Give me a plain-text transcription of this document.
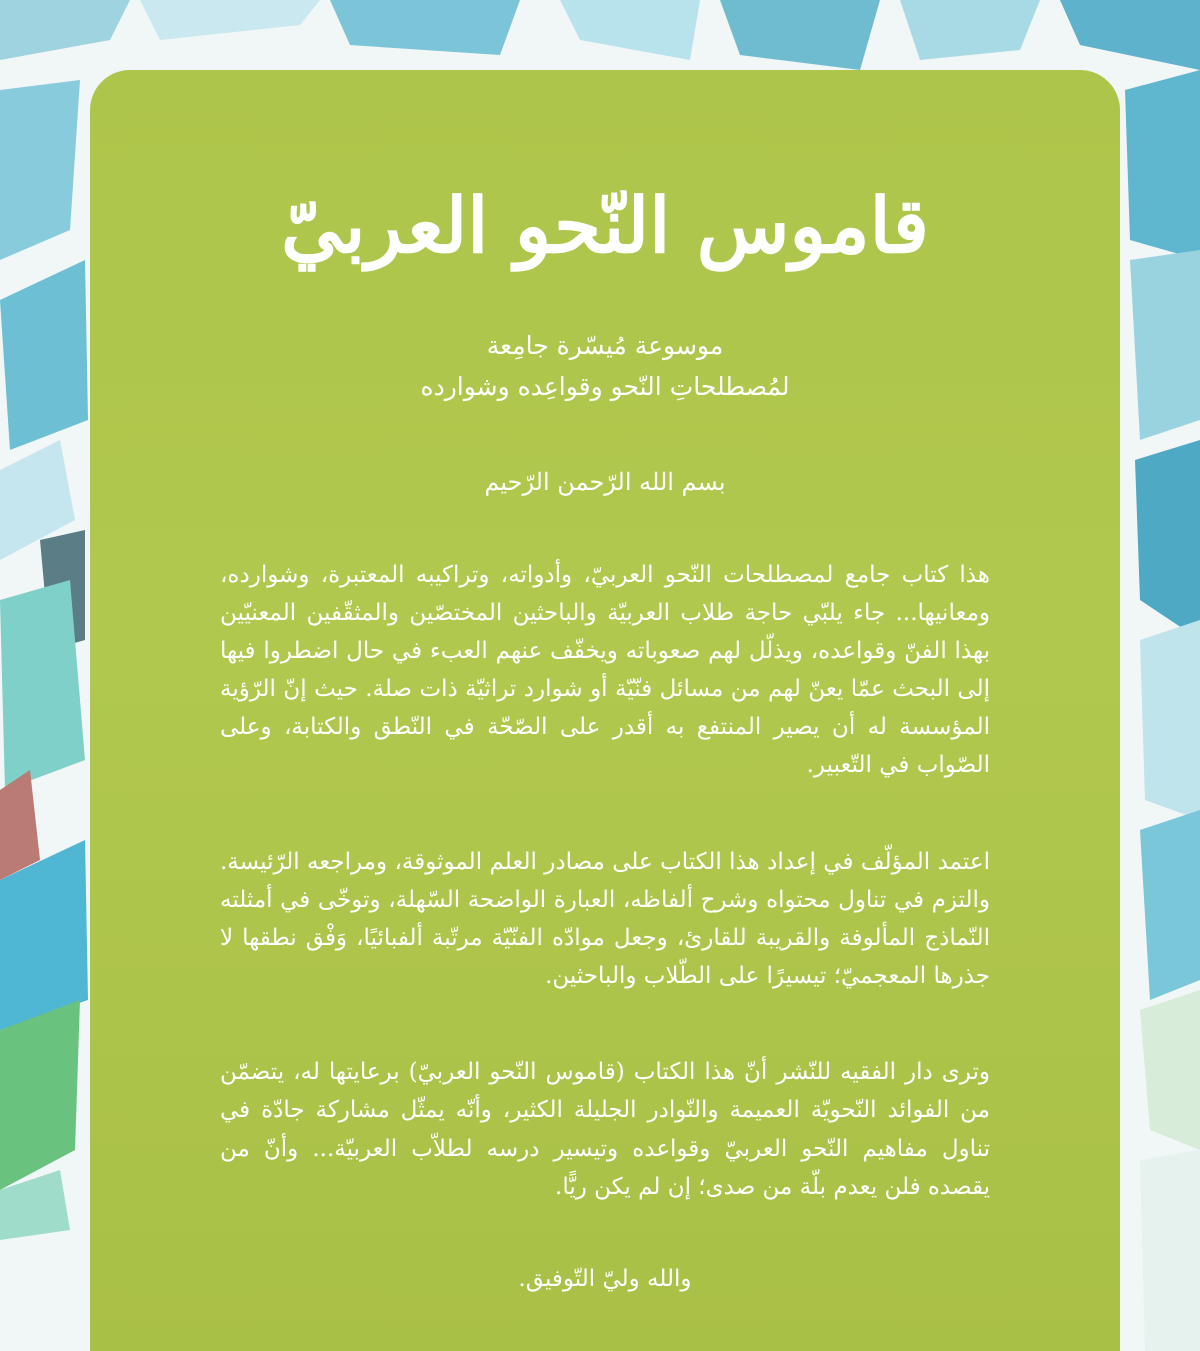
قاموس النّحو العربيّ
موسوعة مُيسّرة جامِعة
لمُصطلحاتِ النّحو وقواعِده وشوارده
بسم الله الرّحمن الرّحيم

هذا كتاب جامع لمصطلحات النّحو العربيّ، وأدواته، وتراكيبه المعتبرة، وشوارده، ومعانيها... جاء يلبّي حاجة طلاب العربيّة والباحثين المختصّين والمثقّفين المعنيّين بهذا الفنّ وقواعده، ويذلّل لهم صعوباته ويخفّف عنهم العبء في حال اضطروا فيها إلى البحث عمّا يعنّ لهم من مسائل فنّيّة أو شوارد تراثيّة ذات صلة. حيث إنّ الرّؤية المؤسسة له أن يصير المنتفع به أقدر على الصّحّة في النّطق والكتابة، وعلى الصّواب في التّعبير.

اعتمد المؤلّف في إعداد هذا الكتاب على مصادر العلم الموثوقة، ومراجعه الرّئيسة. والتزم في تناول محتواه وشرح ألفاظه، العبارة الواضحة السّهلة، وتوخّى في أمثلته النّماذج المألوفة والقريبة للقارئ، وجعل موادّه الفنّيّة مرتّبة ألفبائيًا، وَفْق نطقها لا جذرها المعجميّ؛ تيسيرًا على الطّلاب والباحثين.

وترى دار الفقيه للنّشر أنّ هذا الكتاب (قاموس النّحو العربيّ) برعايتها له، يتضمّن من الفوائد النّحويّة العميمة والنّوادر الجليلة الكثير، وأنّه يمثّل مشاركة جادّة في تناول مفاهيم النّحو العربيّ وقواعده وتيسير درسه لطلاّب العربيّة... وأنّ من يقصده فلن يعدم بلّة من صدى؛ إن لم يكن ريًّا.

والله وليّ التّوفيق.
